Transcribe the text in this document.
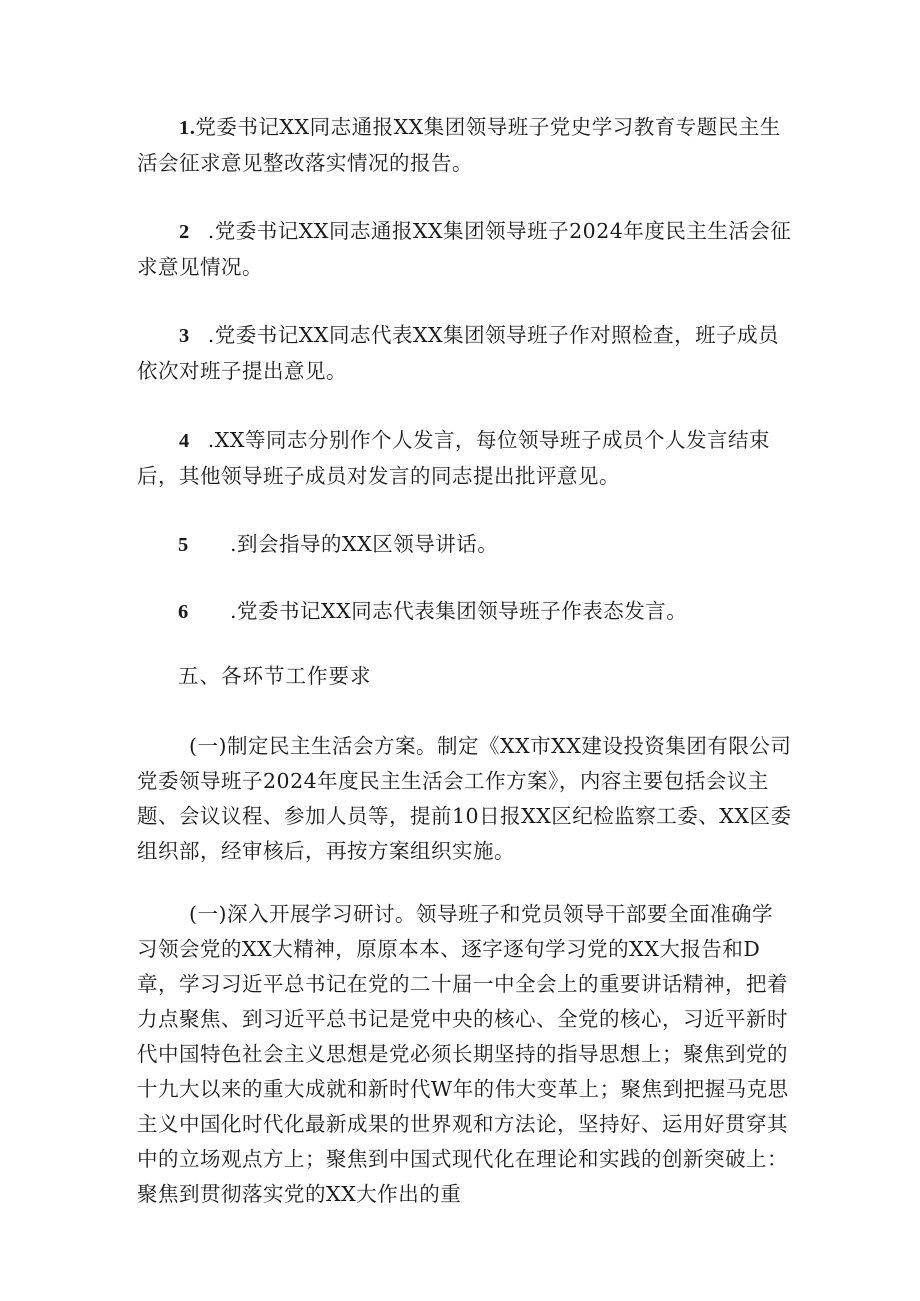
1.党委书记XX同志通报XX集团领导班子党史学习教育专题民主生活会征求意见整改落实情况的报告。

2 .党委书记XX同志通报XX集团领导班子2024年度民主生活会征求意见情况。

3 .党委书记XX同志代表XX集团领导班子作对照检查，班子成员依次对班子提出意见。

4 .XX等同志分别作个人发言，每位领导班子成员个人发言结束后，其他领导班子成员对发言的同志提出批评意见。

5 .到会指导的XX区领导讲话。
6 .党委书记XX同志代表集团领导班子作表态发言。
五、各环节工作要求

(一)制定民主生活会方案。制定《XX市XX建设投资集团有限公司党委领导班子2024年度民主生活会工作方案》，内容主要包括会议主题、会议议程、参加人员等，提前10日报XX区纪检监察工委、XX区委组织部，经审核后，再按方案组织实施。

(一)深入开展学习研讨。领导班子和党员领导干部要全面准确学习领会党的XX大精神，原原本本、逐字逐句学习党的XX大报告和D章，学习习近平总书记在党的二十届一中全会上的重要讲话精神，把着力点聚焦、到习近平总书记是党中央的核心、全党的核心，习近平新时代中国特色社会主义思想是党必须长期坚持的指导思想上；聚焦到党的十九大以来的重大成就和新时代W年的伟大变革上；聚焦到把握马克思主义中国化时代化最新成果的世界观和方法论，坚持好、运用好贯穿其中的立场观点方上；聚焦到中国式现代化在理论和实践的创新突破上：聚焦到贯彻落实党的XX大作出的重
